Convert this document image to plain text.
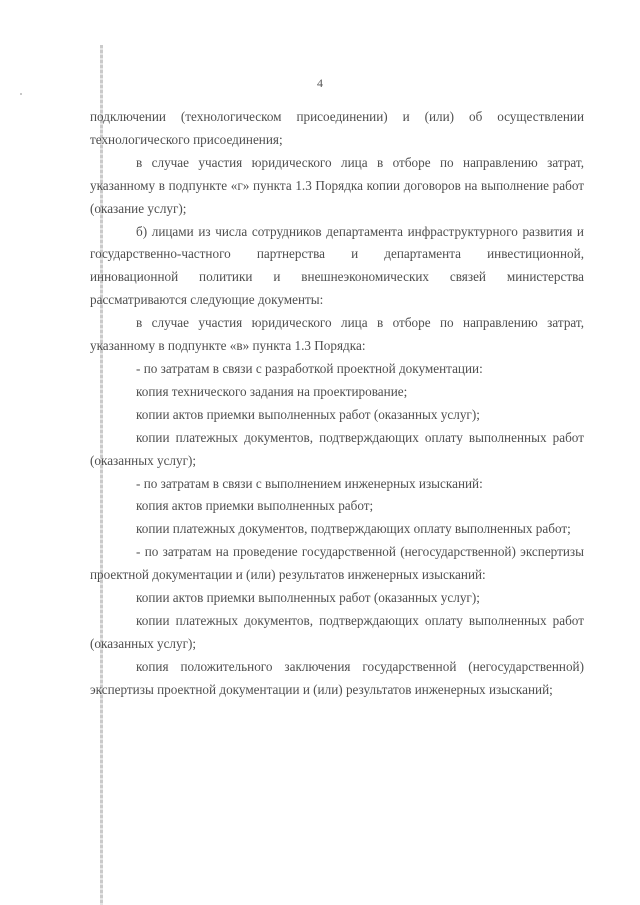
4

подключении (технологическом присоединении) и (или) об осуществлении технологического присоединения;

в случае участия юридического лица в отборе по направлению затрат, указанному в подпункте «г» пункта 1.3 Порядка копии договоров на выполнение работ (оказание услуг);

б) лицами из числа сотрудников департамента инфраструктурного развития и государственно-частного партнерства и департамента инвестиционной, инновационной политики и внешнеэкономических связей министерства рассматриваются следующие документы:

в случае участия юридического лица в отборе по направлению затрат, указанному в подпункте «в» пункта 1.3 Порядка:

- по затратам в связи с разработкой проектной документации:

копия технического задания на проектирование;

копии актов приемки выполненных работ (оказанных услуг);

копии платежных документов, подтверждающих оплату выполненных работ (оказанных услуг);

- по затратам в связи с выполнением инженерных изысканий:

копия актов приемки выполненных работ;

копии платежных документов, подтверждающих оплату выполненных работ;

- по затратам на проведение государственной (негосударственной) экспертизы проектной документации и (или) результатов инженерных изысканий:

копии актов приемки выполненных работ (оказанных услуг);

копии платежных документов, подтверждающих оплату выполненных работ (оказанных услуг);

копия положительного заключения государственной (негосударственной) экспертизы проектной документации и (или) результатов инженерных изысканий;
